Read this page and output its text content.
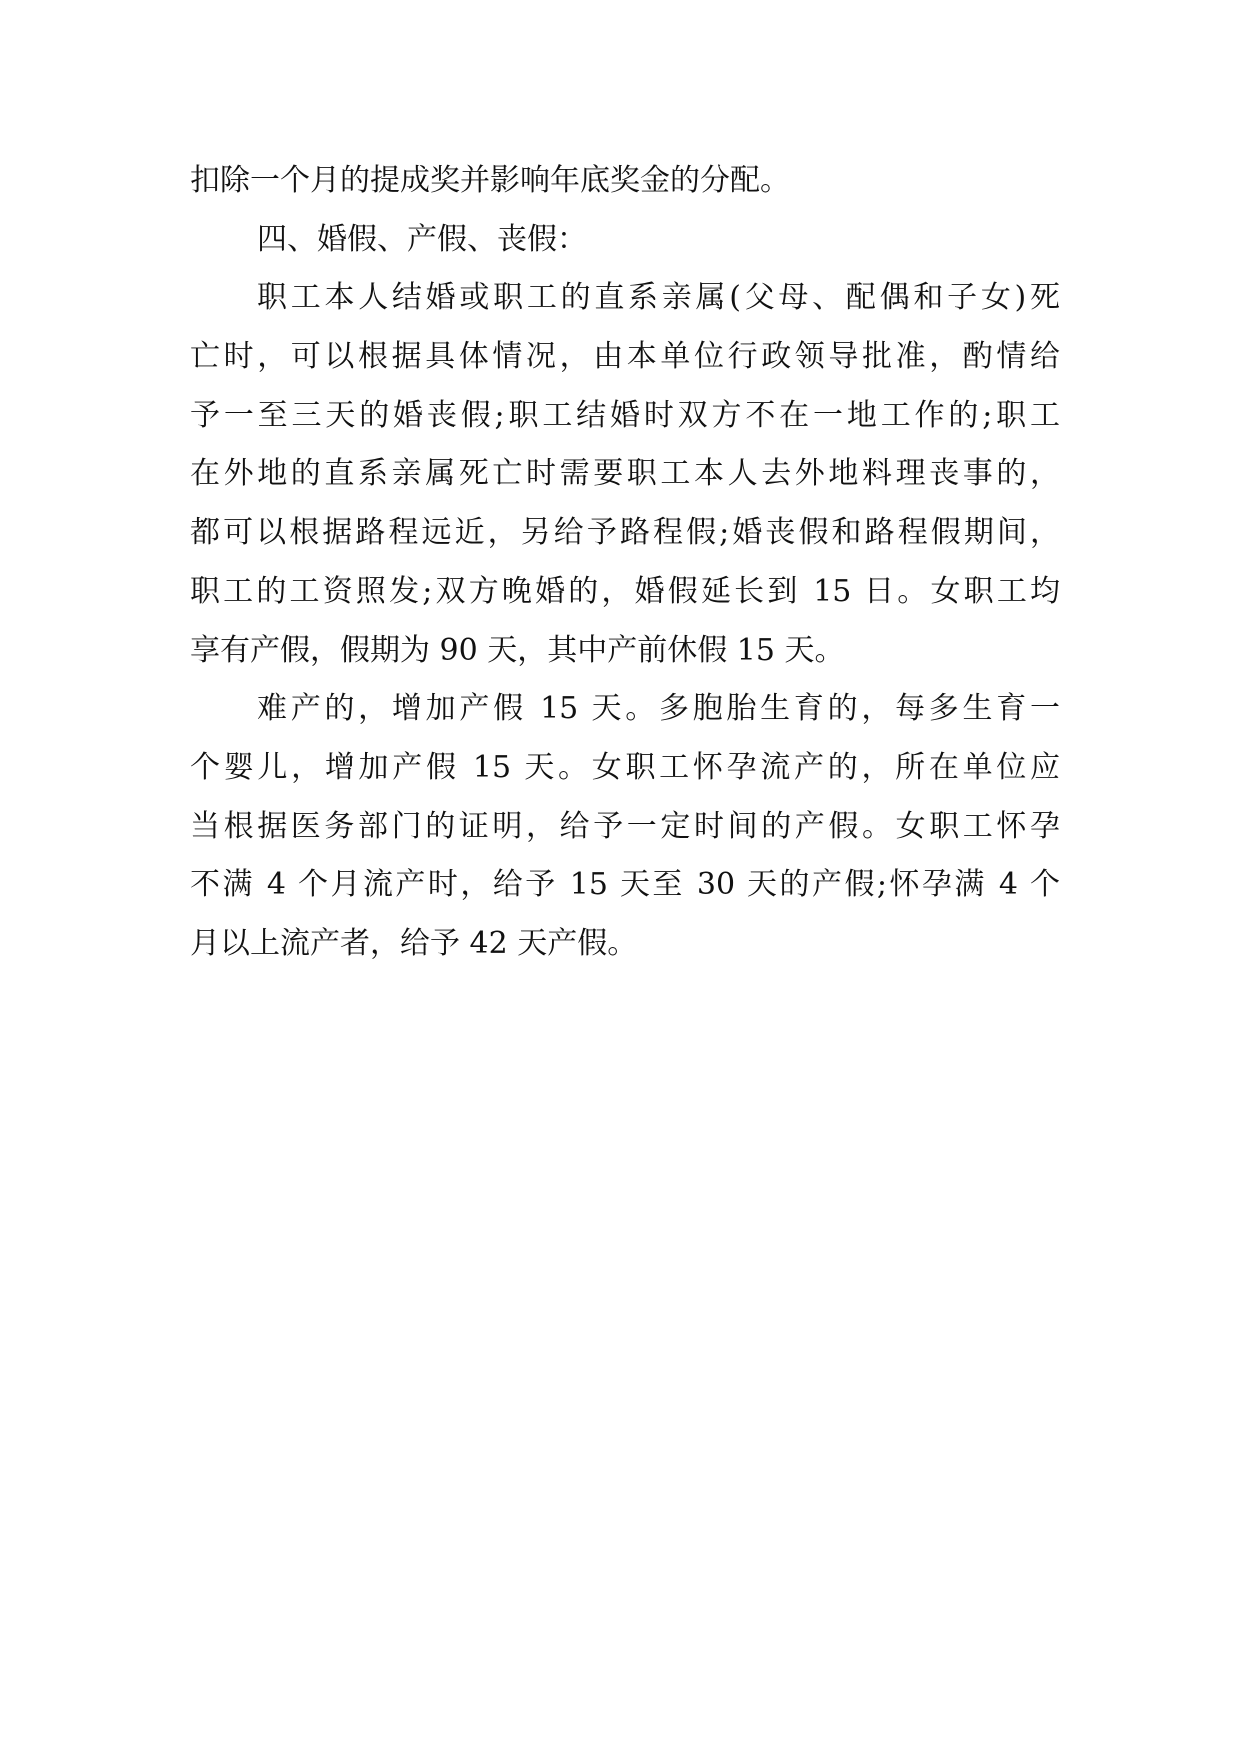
扣除一个月的提成奖并影响年底奖金的分配。
四、婚假、产假、丧假：
职工本人结婚或职工的直系亲属(父母、配偶和子女)死
亡时，可以根据具体情况，由本单位行政领导批准，酌情给
予一至三天的婚丧假;职工结婚时双方不在一地工作的;职工
在外地的直系亲属死亡时需要职工本人去外地料理丧事的，
都可以根据路程远近，另给予路程假;婚丧假和路程假期间，
职工的工资照发;双方晚婚的，婚假延长到 15 日。女职工均
享有产假，假期为 90 天，其中产前休假 15 天。
难产的，增加产假 15 天。多胞胎生育的，每多生育一
个婴儿，增加产假 15 天。女职工怀孕流产的，所在单位应
当根据医务部门的证明，给予一定时间的产假。女职工怀孕
不满 4 个月流产时，给予 15 天至 30 天的产假;怀孕满 4 个
月以上流产者，给予 42 天产假。
